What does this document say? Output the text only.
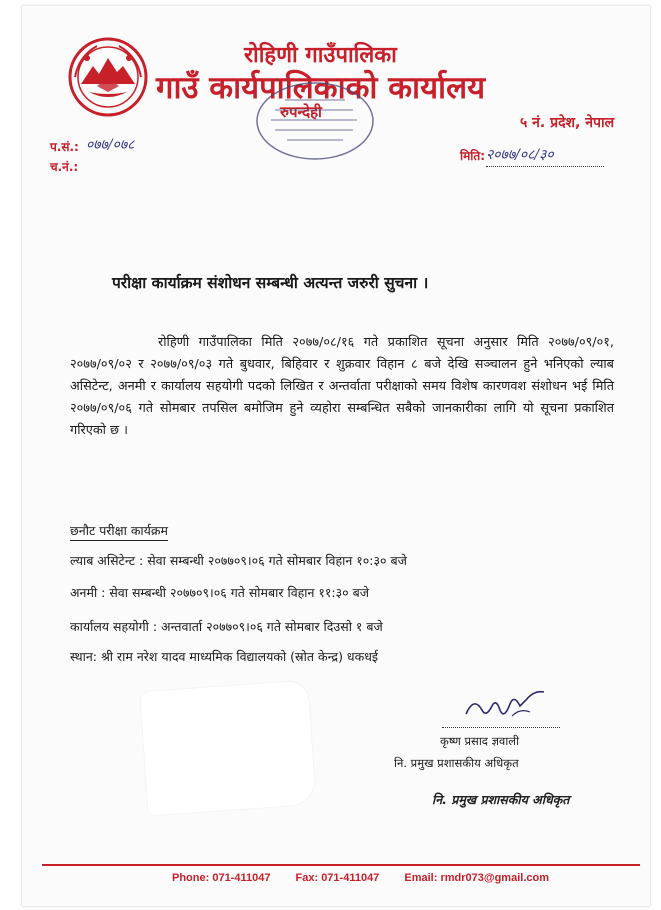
रोहिणी गाउँपालिका
गाउँ कार्यपालिकाको कार्यालय
रुपन्देही
५ नं. प्रदेश, नेपाल
प.सं.: ०७७/०७८
च.नं.:
मिति: २०७७/०८/३०
परीक्षा कार्याक्रम संशोधन सम्बन्धी अत्यन्त जरुरी सुचना ।
रोहिणी गाउँपालिका मिति २०७७/०८/१६ गते प्रकाशित सूचना अनुसार मिति २०७७/०९/०१, २०७७/०९/०२ र २०७७/०९/०३ गते बुधवार, बिहिवार र शुक्रवार विहान ८ बजे देखि सञ्चालन हुने भनिएको ल्याब असिटेन्ट, अनमी र कार्यालय सहयोगी पदको लिखित र अन्तर्वाता परीक्षाको समय विशेष कारणवश संशोधन भई मिति २०७७/०९/०६ गते सोमबार तपसिल बमोजिम हुने व्यहोरा सम्बन्धित सबैको जानकारीका लागि यो सूचना प्रकाशित गरिएको छ ।
छनौट परीक्षा कार्यक्रम
ल्याब असिटेन्ट : सेवा सम्बन्धी २०७७०९।०६ गते सोमबार विहान १०:३० बजे
अनमी : सेवा सम्बन्धी २०७७०९।०६ गते सोमबार विहान ११:३० बजे
कार्यालय सहयोगी : अन्तवार्ता २०७७०९।०६ गते सोमबार दिउसो १ बजे
स्थान: श्री राम नरेश यादव माध्यमिक विद्यालयको (स्रोत केन्द्र) धकधई
कृष्ण प्रसाद ज्ञवाली
नि. प्रमुख प्रशासकीय अधिकृत
नि. प्रमुख प्रशासकीय अधिकृत
Phone: 071-411047 Fax: 071-411047 Email: rmdr073@gmail.com
